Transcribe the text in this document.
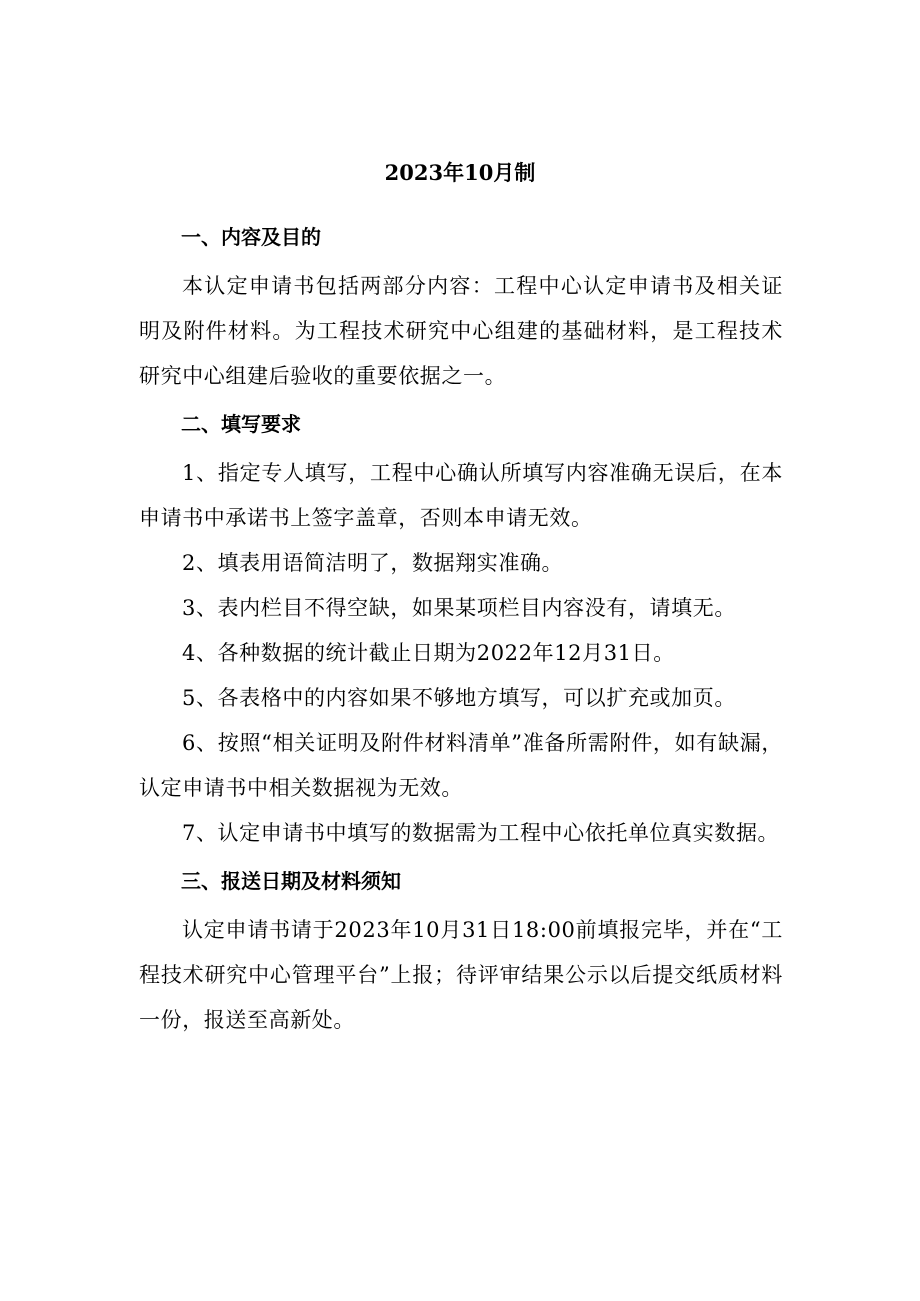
2023年10月制
一、内容及目的

本认定申请书包括两部分内容：工程中心认定申请书及相关证明及附件材料。为工程技术研究中心组建的基础材料，是工程技术研究中心组建后验收的重要依据之一。

二、填写要求

1、指定专人填写，工程中心确认所填写内容准确无误后，在本申请书中承诺书上签字盖章，否则本申请无效。

2、填表用语简洁明了，数据翔实准确。

3、表内栏目不得空缺，如果某项栏目内容没有，请填无。

4、各种数据的统计截止日期为2022年12月31日。

5、各表格中的内容如果不够地方填写，可以扩充或加页。

6、按照“相关证明及附件材料清单”准备所需附件，如有缺漏，认定申请书中相关数据视为无效。

7、认定申请书中填写的数据需为工程中心依托单位真实数据。

三、报送日期及材料须知

认定申请书请于2023年10月31日18:00前填报完毕，并在“工程技术研究中心管理平台”上报；待评审结果公示以后提交纸质材料一份，报送至高新处。
